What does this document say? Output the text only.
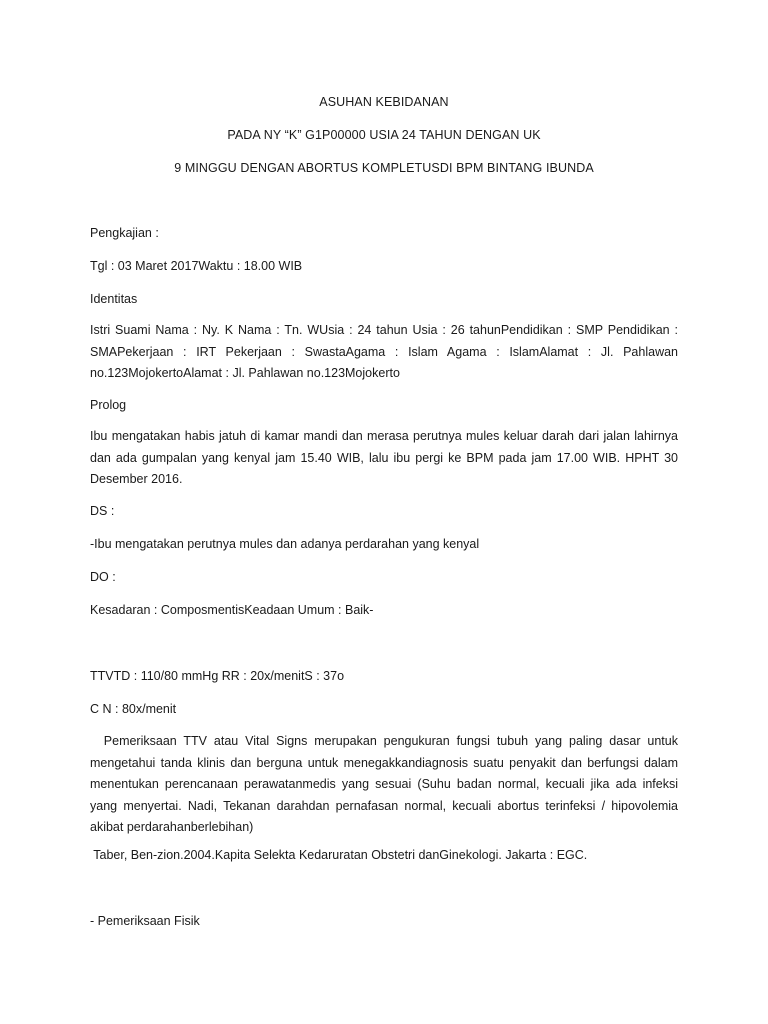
ASUHAN KEBIDANAN
PADA NY “K” G1P00000 USIA 24 TAHUN DENGAN UK
9 MINGGU DENGAN ABORTUS KOMPLETUSDI BPM BINTANG IBUNDA
Pengkajian :
Tgl : 03 Maret 2017Waktu : 18.00 WIB
Identitas
Istri Suami Nama : Ny. K Nama : Tn. WUsia : 24 tahun Usia : 26 tahunPendidikan : SMP Pendidikan : SMAPekerjaan : IRT Pekerjaan : SwastaAgama : Islam Agama : IslamAlamat : Jl. Pahlawan no.123MojokertoAlamat : Jl. Pahlawan no.123Mojokerto
Prolog
Ibu mengatakan habis jatuh di kamar mandi dan merasa perutnya mules keluar darah dari jalan lahirnya dan ada gumpalan yang kenyal jam 15.40 WIB, lalu ibu pergi ke BPM pada jam 17.00 WIB. HPHT 30 Desember 2016.
DS :
-Ibu mengatakan perutnya mules dan adanya perdarahan yang kenyal
DO :
Kesadaran : ComposmentisKeadaan Umum : Baik-
TTVTD : 110/80 mmHg RR : 20x/menitS : 37o
C N : 80x/menit
Pemeriksaan TTV atau Vital Signs merupakan pengukuran fungsi tubuh yang paling dasar untuk mengetahui tanda klinis dan berguna untuk menegakkandiagnosis suatu penyakit dan berfungsi dalam menentukan perencanaan perawatanmedis yang sesuai (Suhu badan normal, kecuali jika ada infeksi yang menyertai. Nadi, Tekanan darahdan pernafasan normal, kecuali abortus terinfeksi / hipovolemia akibat perdarahanberlebihan)
Taber, Ben-zion.2004.Kapita Selekta Kedaruratan Obstetri danGinekologi. Jakarta : EGC.
- Pemeriksaan Fisik
